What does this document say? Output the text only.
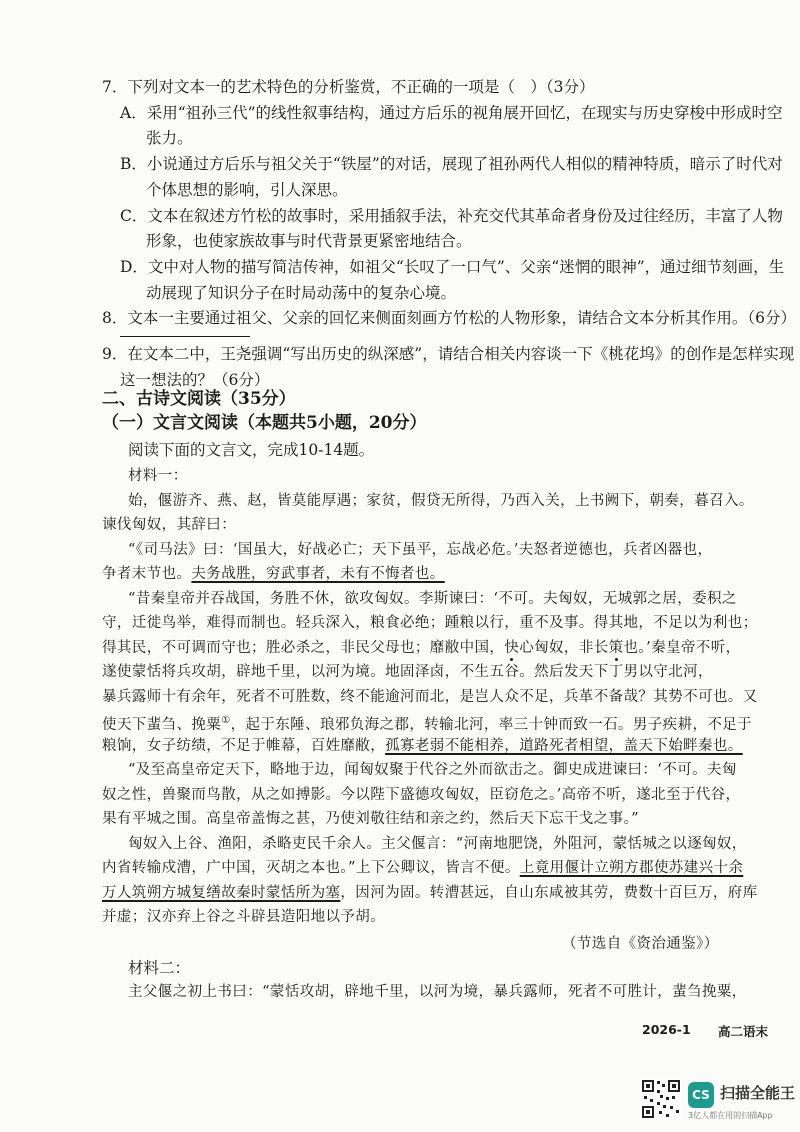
7．下列对文本一的艺术特色的分析鉴赏，不正确的一项是（　）（3分）
A．采用“祖孙三代”的线性叙事结构，通过方后乐的视角展开回忆，在现实与历史穿梭中形成时空
张力。
B．小说通过方后乐与祖父关于“铁屋”的对话，展现了祖孙两代人相似的精神特质，暗示了时代对
个体思想的影响，引人深思。
C．文本在叙述方竹松的故事时，采用插叙手法，补充交代其革命者身份及过往经历，丰富了人物
形象，也使家族故事与时代背景更紧密地结合。
D．文中对人物的描写简洁传神，如祖父“长叹了一口气”、父亲“迷惘的眼神”，通过细节刻画，生
动展现了知识分子在时局动荡中的复杂心境。
8．文本一主要通过祖父、父亲的回忆来侧面刻画方竹松的人物形象，请结合文本分析其作用。（6分）
9．在文本二中，王尧强调“写出历史的纵深感”，请结合相关内容谈一下《桃花坞》的创作是怎样实现
这一想法的？（6分）
二、古诗文阅读（35分）
（一）文言文阅读（本题共5小题，20分）
阅读下面的文言文，完成10-14题。
材料一：
始，偃游齐、燕、赵，皆莫能厚遇；家贫，假贷无所得，乃西入关，上书阙下，朝奏，暮召入。
谏伐匈奴，其辞曰：
“《司马法》曰：‘国虽大，好战必亡；天下虽平，忘战必危。’夫怒者逆德也，兵者凶器也，
争者末节也。夫务战胜，穷武事者，未有不悔者也。
“昔秦皇帝并吞战国，务胜不休，欲攻匈奴。李斯谏曰：‘不可。夫匈奴，无城郭之居，委积之
守，迁徙鸟举，难得而制也。轻兵深入，粮食必绝；踵粮以行，重不及事。得其地，不足以为利也；
得其民，不可调而守也；胜必杀之，非民父母也；靡敝中国，快心匈奴，非长策也。’秦皇帝不听，
遂使蒙恬将兵攻胡，辟地千里，以河为境。地固泽卤，不生五谷。然后发天下丁男以守北河，
暴兵露师十有余年，死者不可胜数，终不能逾河而北，是岂人众不足，兵革不备哉？其势不可也。又
使天下蜚刍、挽粟①，起于东陲、琅邪负海之郡，转输北河，率三十钟而致一石。男子疾耕，不足于
粮饷，女子纺绩，不足于帷幕，百姓靡敝，孤寡老弱不能相养，道路死者相望，盖天下始畔秦也。
“及至高皇帝定天下，略地于边，闻匈奴聚于代谷之外而欲击之。御史成进谏曰：‘不可。夫匈
奴之性，兽聚而鸟散，从之如搏影。今以陛下盛德攻匈奴，臣窃危之。’高帝不听，遂北至于代谷，
果有平城之围。高皇帝盖悔之甚，乃使刘敬往结和亲之约，然后天下忘干戈之事。”
匈奴入上谷、渔阳，杀略吏民千余人。主父偃言：“河南地肥饶，外阻河，蒙恬城之以逐匈奴，
内省转输戍漕，广中国，灭胡之本也。”上下公卿议，皆言不便。上竟用偃计立朔方郡使苏建兴十余
万人筑朔方城复缮故秦时蒙恬所为塞，因河为固。转漕甚远，自山东咸被其劳，费数十百巨万，府库
并虚；汉亦弃上谷之斗辟县造阳地以予胡。
（节选自《资治通鉴》）
材料二：
主父偃之初上书曰：“蒙恬攻胡，辟地千里，以河为境，暴兵露师，死者不可胜计，蜚刍挽粟，
2026-1 高二语末
CS 扫描全能王
3亿人都在用的扫描App
